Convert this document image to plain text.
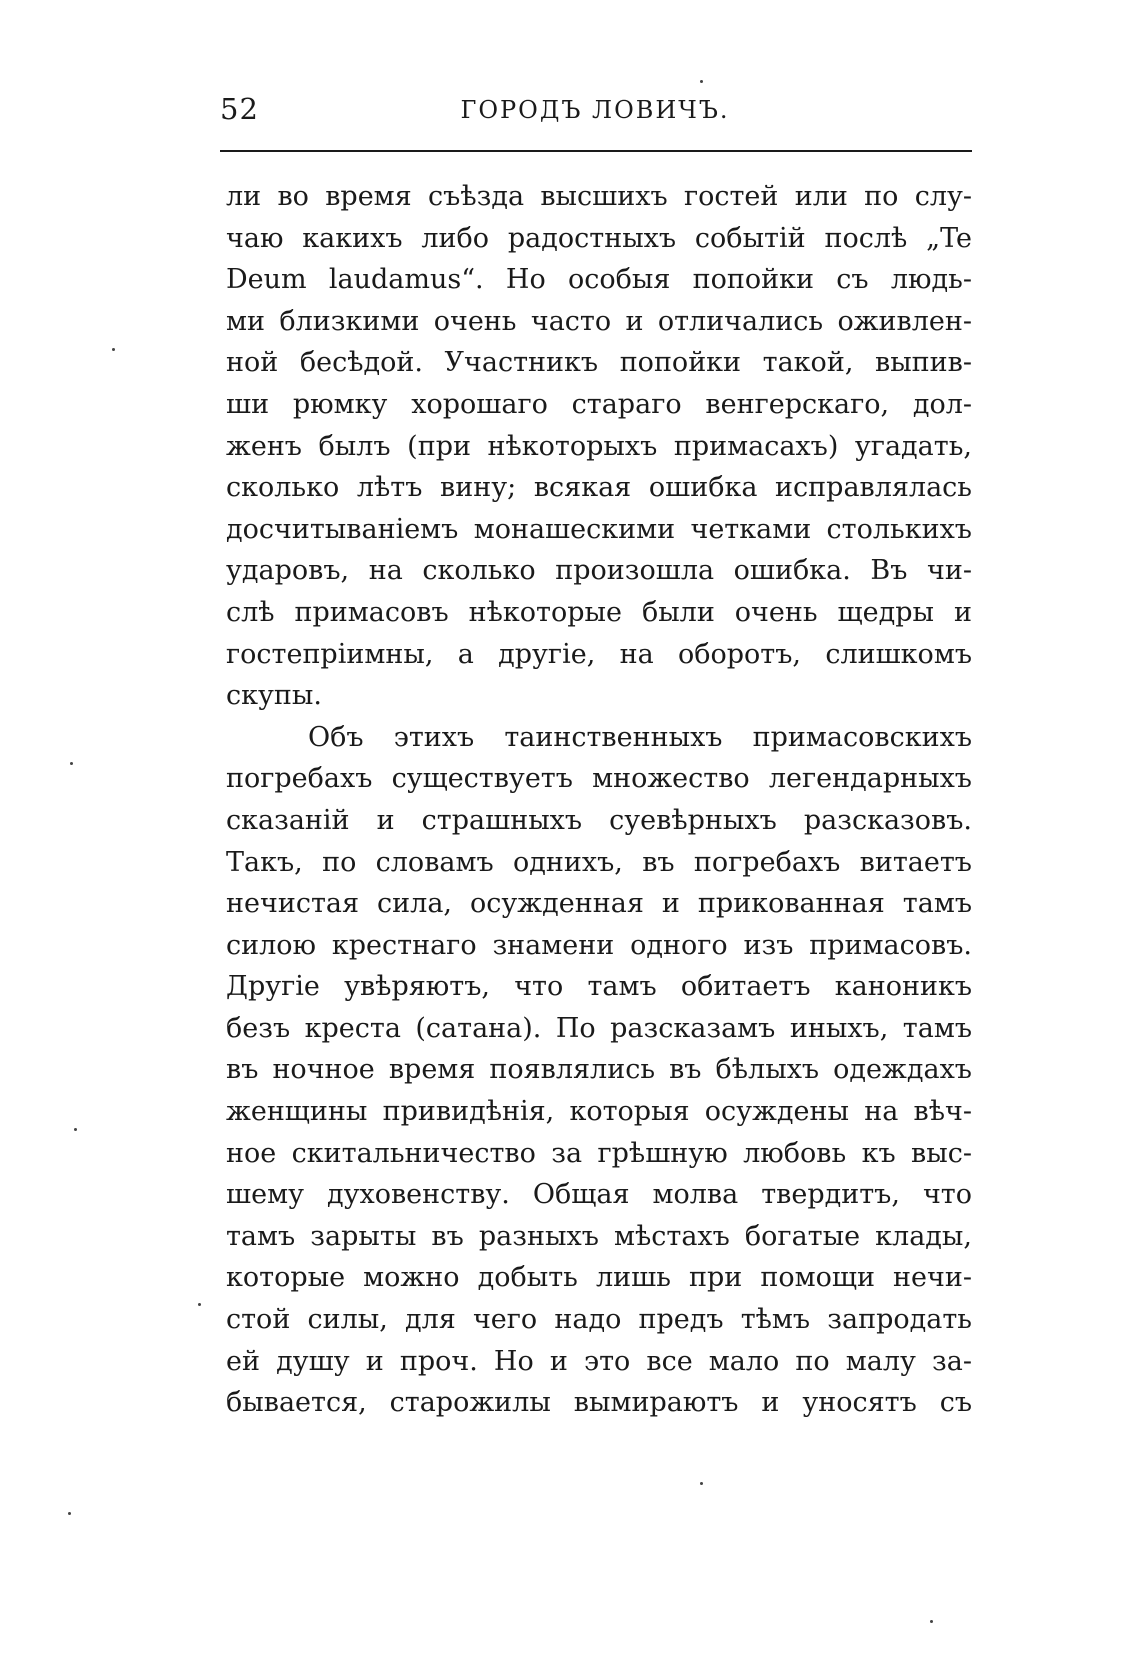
52	ГОРОДЪ ЛОВИЧЪ.
ли во время съѣзда высшихъ гостей или по слу-
чаю какихъ либо радостныхъ событій послѣ „Te
Deum laudamus“. Но особыя попойки съ людь-
ми близкими очень часто и отличались оживлен-
ной бесѣдой. Участникъ попойки такой, выпив-
ши рюмку хорошаго стараго венгерскаго, дол-
женъ былъ (при нѣкоторыхъ примасахъ) угадать,
сколько лѣтъ вину; всякая ошибка исправлялась
досчитываніемъ монашескими четками столькихъ
ударовъ, на сколько произошла ошибка. Въ чи-
слѣ примасовъ нѣкоторые были очень щедры и
гостепріимны, а другіе, на оборотъ, слишкомъ
скупы.
Объ этихъ таинственныхъ примасовскихъ
погребахъ существуетъ множество легендарныхъ
сказаній и страшныхъ суевѣрныхъ разсказовъ.
Такъ, по словамъ однихъ, въ погребахъ витаетъ
нечистая сила, осужденная и прикованная тамъ
силою крестнаго знамени одного изъ примасовъ.
Другіе увѣряютъ, что тамъ обитаетъ каноникъ
безъ креста (сатана). По разсказамъ иныхъ, тамъ
въ ночное время появлялись въ бѣлыхъ одеждахъ
женщины привидѣнія, которыя осуждены на вѣч-
ное скитальничество за грѣшную любовь къ выс-
шему духовенству. Общая молва твердитъ, что
тамъ зарыты въ разныхъ мѣстахъ богатые клады,
которые можно добыть лишь при помощи нечи-
стой силы, для чего надо предъ тѣмъ запродать
ей душу и проч. Но и это все мало по малу за-
бывается, старожилы вымираютъ и уносятъ съ
